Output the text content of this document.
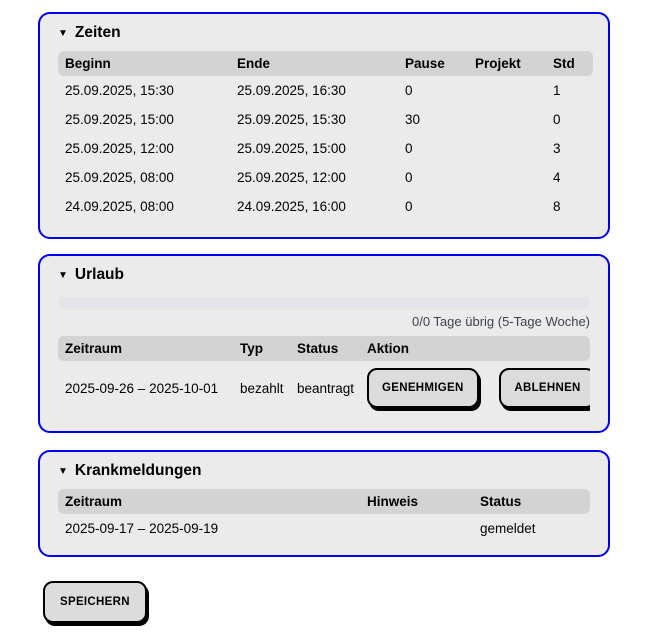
▼ Zeiten
Beginn	Ende	Pause	Projekt	Std
25.09.2025, 15:30	25.09.2025, 16:30	0		1
25.09.2025, 15:00	25.09.2025, 15:30	30		0
25.09.2025, 12:00	25.09.2025, 15:00	0		3
25.09.2025, 08:00	25.09.2025, 12:00	0		4
24.09.2025, 08:00	24.09.2025, 16:00	0		8
▼ Urlaub
0/0 Tage übrig (5-Tage Woche)
Zeitraum	Typ	Status	Aktion
2025-09-26 – 2025-10-01	bezahlt	beantragt	GENEHMIGEN ABLEHNEN
▼ Krankmeldungen
Zeitraum	Hinweis	Status
2025-09-17 – 2025-09-19		gemeldet
SPEICHERN
